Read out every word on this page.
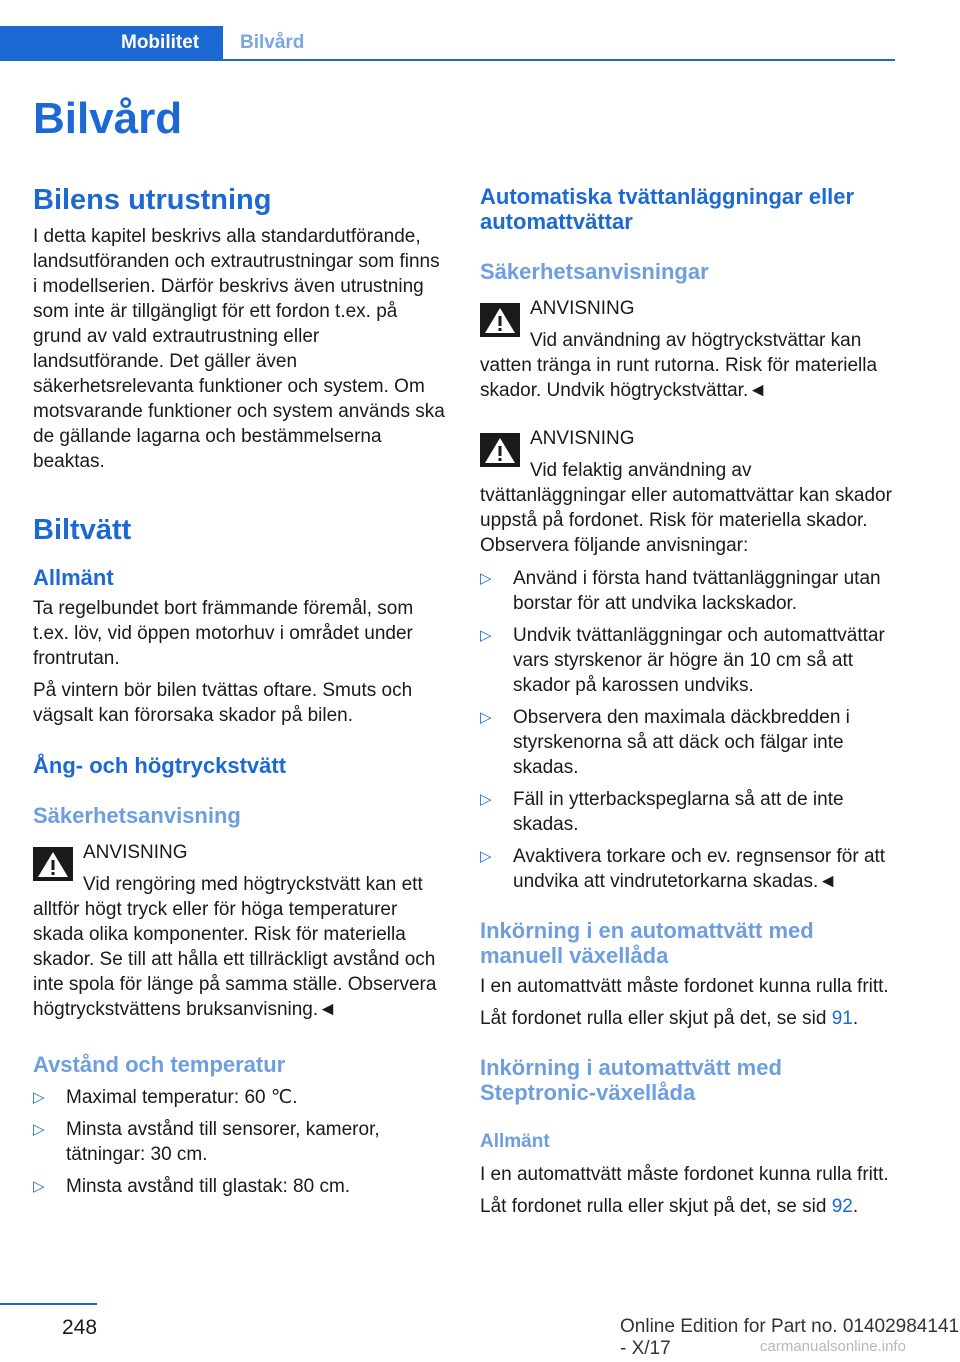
Mobilitet	Bilvård
Bilvård
Bilens utrustning

I detta kapitel beskrivs alla standardutförande, landsutföranden och extrautrustningar som finns i modellserien. Därför beskrivs även utrustning som inte är tillgängligt för ett fordon t.ex. på grund av vald extrautrustning eller landsutförande. Det gäller även säkerhetsrelevanta funktioner och system. Om motsvarande funktioner och system används ska de gällande lagarna och bestämmelserna beaktas.

Biltvätt
Allmänt

Ta regelbundet bort främmande föremål, som t.ex. löv, vid öppen motorhuv i området under frontrutan.

På vintern bör bilen tvättas oftare. Smuts och vägsalt kan förorsaka skador på bilen.

Ång- och högtryckstvätt
Säkerhetsanvisning
ANVISNING
Vid rengöring med högtryckstvätt kan ett alltför högt tryck eller för höga temperaturer skada olika komponenter. Risk för materiella skador. Se till att hålla ett tillräckligt avstånd och inte spola för länge på samma ställe. Observera högtryckstvättens bruksanvisning.◄
Avstånd och temperatur
▷ Maximal temperatur: 60 ℃.
▷ Minsta avstånd till sensorer, kameror, tätningar: 30 cm.
▷ Minsta avstånd till glastak: 80 cm.
Automatiska tvättanläggningar eller automattvättar
Säkerhetsanvisningar
ANVISNING
Vid användning av högtryckstvättar kan vatten tränga in runt rutorna. Risk för materiella skador. Undvik högtryckstvättar.◄
ANVISNING
Vid felaktig användning av tvättanläggningar eller automattvättar kan skador uppstå på fordonet. Risk för materiella skador. Observera följande anvisningar:
▷ Använd i första hand tvättanläggningar utan borstar för att undvika lackskador.
▷ Undvik tvättanläggningar och automattvättar vars styrskenor är högre än 10 cm så att skador på karossen undviks.
▷ Observera den maximala däckbredden i styrskenorna så att däck och fälgar inte skadas.
▷ Fäll in ytterbackspeglarna så att de inte skadas.
▷ Avaktivera torkare och ev. regnsensor för att undvika att vindrutetorkarna skadas.◄
Inkörning i en automattvätt med manuell växellåda

I en automattvätt måste fordonet kunna rulla fritt.

Låt fordonet rulla eller skjut på det, se sid 91.

Inkörning i automattvätt med Steptronic-växellåda
Allmänt

I en automattvätt måste fordonet kunna rulla fritt.

Låt fordonet rulla eller skjut på det, se sid 92.

248	Online Edition for Part no. 01402984141 - X/17	carmanualsonline.info
